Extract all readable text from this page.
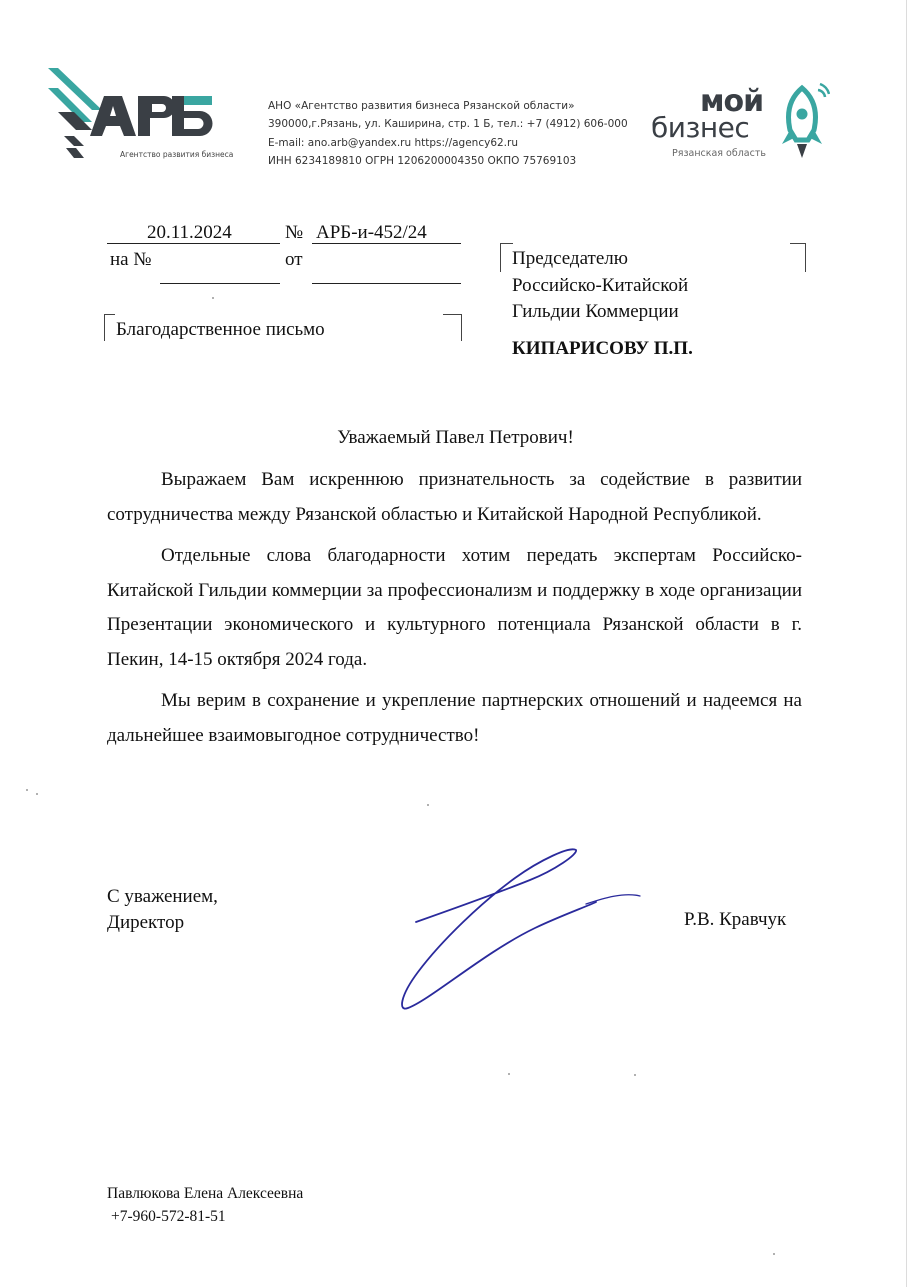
Агентство развития бизнеса
АНО «Агентство развития бизнеса Рязанской области»
390000,г.Рязань, ул. Каширина, стр. 1 Б, тел.: +7 (4912) 606-000
E-mail: ano.arb@yandex.ru https://agency62.ru
ИНН 6234189810 ОГРН 1206200004350 ОКПО 75769103
мой
бизнес
Рязанская область
20.11.2024	№ АРБ-и-452/24
на №	от	Председателю
Российско-Китайской
Гильдии Коммерции
КИПАРИСОВУ П.П.
Благодарственное письмо
Уважаемый Павел Петрович!

Выражаем Вам искреннюю признательность за содействие в развитии сотрудничества между Рязанской областью и Китайской Народной Республикой.

Отдельные слова благодарности хотим передать экспертам Российско-Китайской Гильдии коммерции за профессионализм и поддержку в ходе организации Презентации экономического и культурного потенциала Рязанской области в г. Пекин, 14-15 октября 2024 года.

Мы верим в сохранение и укрепление партнерских отношений и надеемся на дальнейшее взаимовыгодное сотрудничество!

С уважением,
Директор	Р.В. Кравчук
Павлюкова Елена Алексеевна
+7-960-572-81-51
